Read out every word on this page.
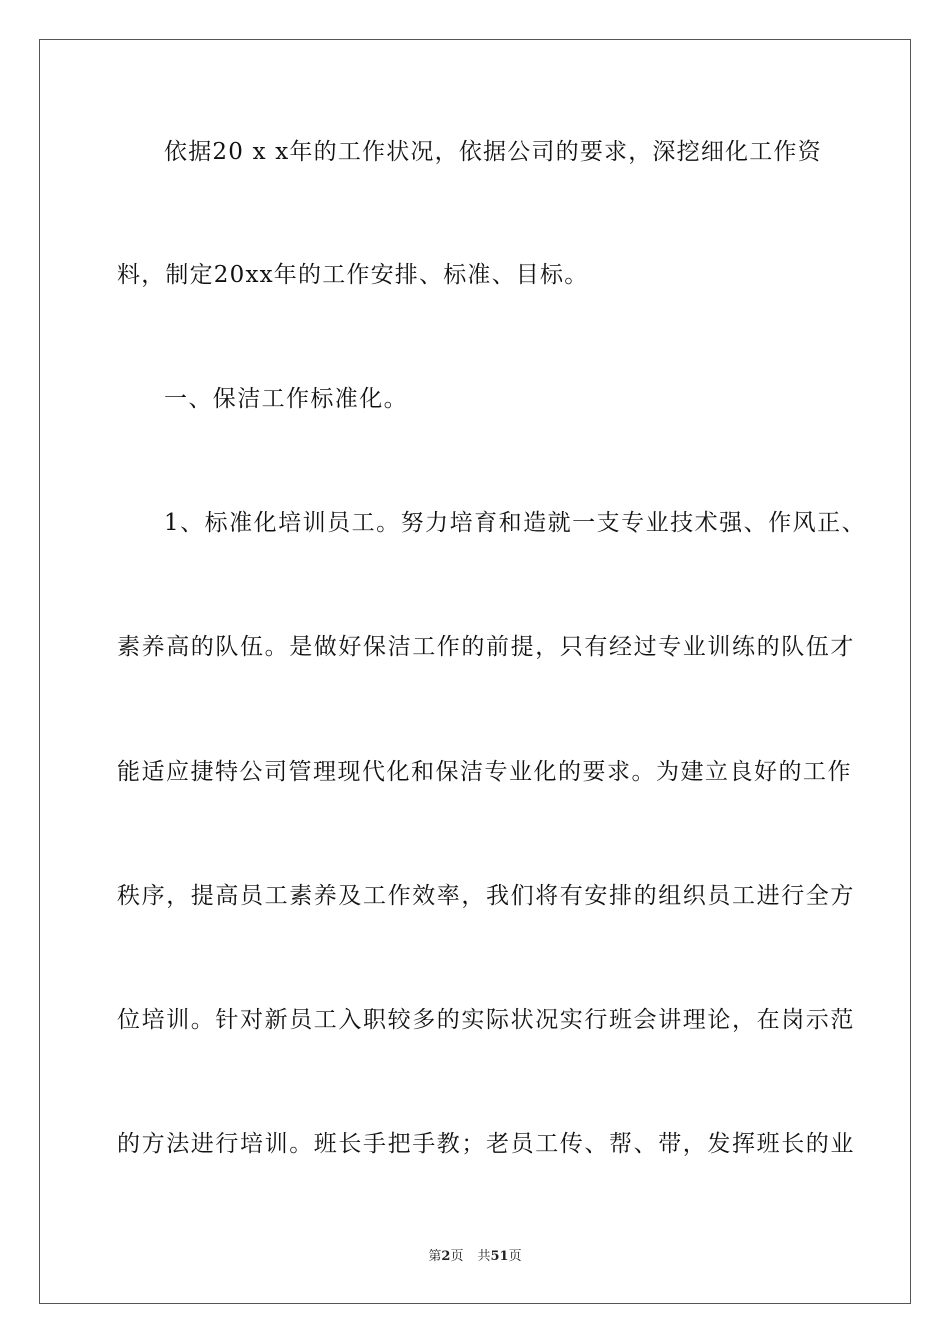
依据20 x x年的工作状况，依据公司的要求，深挖细化工作资
料，制定20xx年的工作安排、标准、目标。
一、保洁工作标准化。
1、标准化培训员工。努力培育和造就一支专业技术强、作风正、
素养高的队伍。是做好保洁工作的前提，只有经过专业训练的队伍才
能适应捷特公司管理现代化和保洁专业化的要求。为建立良好的工作
秩序，提高员工素养及工作效率，我们将有安排的组织员工进行全方
位培训。针对新员工入职较多的实际状况实行班会讲理论，在岗示范
的方法进行培训。班长手把手教；老员工传、帮、带，发挥班长的业
第2页 共51页
